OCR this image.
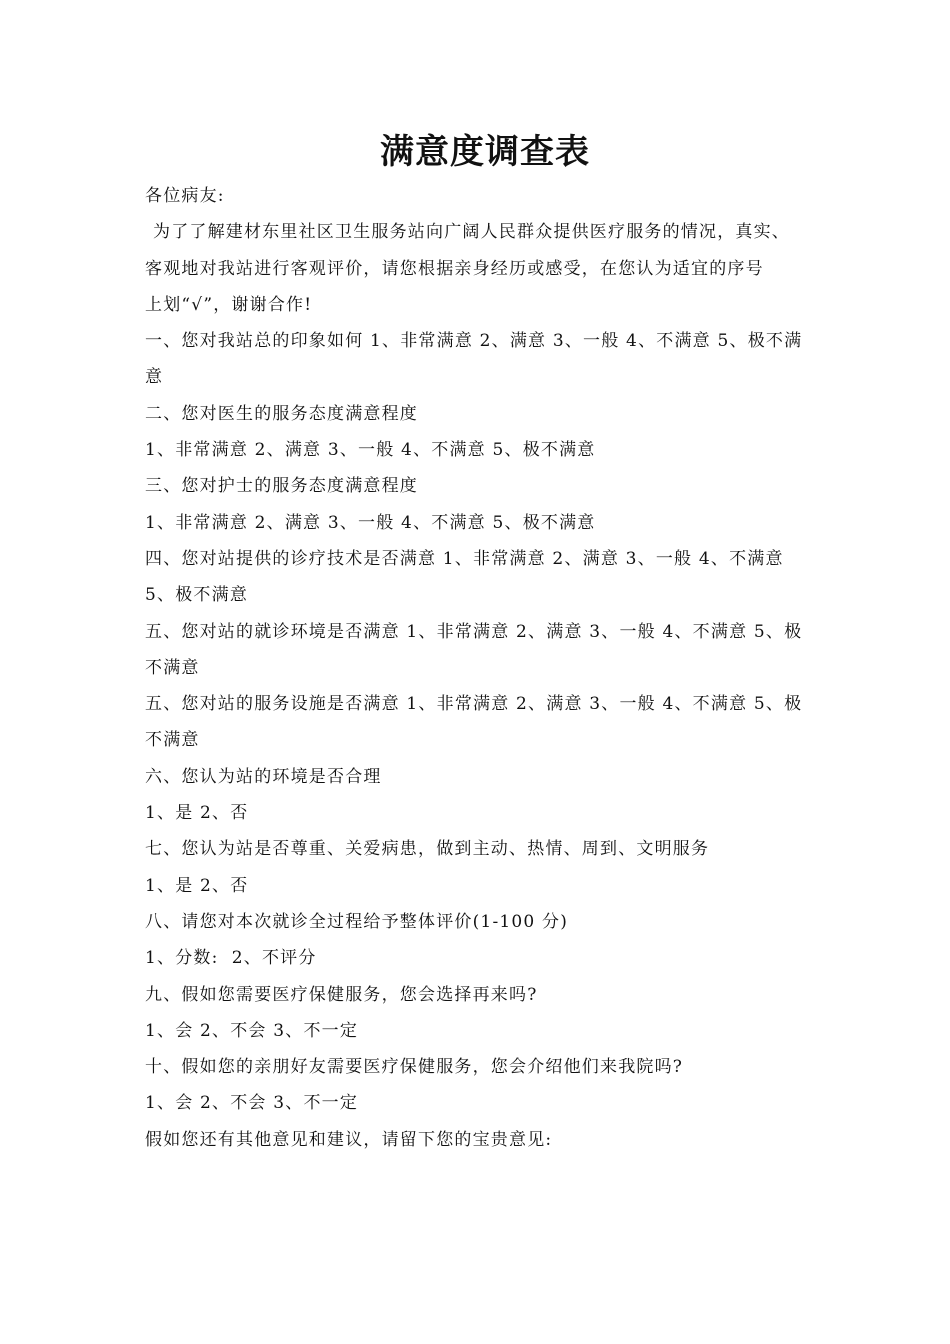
满意度调查表
各位病友:
为了了解建材东里社区卫生服务站向广阔人民群众提供医疗服务的情况，真实、
客观地对我站进行客观评价，请您根据亲身经历或感受，在您认为适宜的序号
上划“√”，谢谢合作!
一、您对我站总的印象如何 1、非常满意 2、满意 3、一般 4、不满意 5、极不满
意
二、您对医生的服务态度满意程度
1、非常满意 2、满意 3、一般 4、不满意 5、极不满意
三、您对护士的服务态度满意程度
1、非常满意 2、满意 3、一般 4、不满意 5、极不满意
四、您对站提供的诊疗技术是否满意 1、非常满意 2、满意 3、一般 4、不满意
5、极不满意
五、您对站的就诊环境是否满意 1、非常满意 2、满意 3、一般 4、不满意 5、极
不满意
五、您对站的服务设施是否满意 1、非常满意 2、满意 3、一般 4、不满意 5、极
不满意
六、您认为站的环境是否合理
1、是 2、否
七、您认为站是否尊重、关爱病患，做到主动、热情、周到、文明服务
1、是 2、否
八、请您对本次就诊全过程给予整体评价(1-100 分)
1、分数:  2、不评分
九、假如您需要医疗保健服务，您会选择再来吗?
1、会 2、不会 3、不一定
十、假如您的亲朋好友需要医疗保健服务，您会介绍他们来我院吗?
1、会 2、不会 3、不一定
假如您还有其他意见和建议，请留下您的宝贵意见:
